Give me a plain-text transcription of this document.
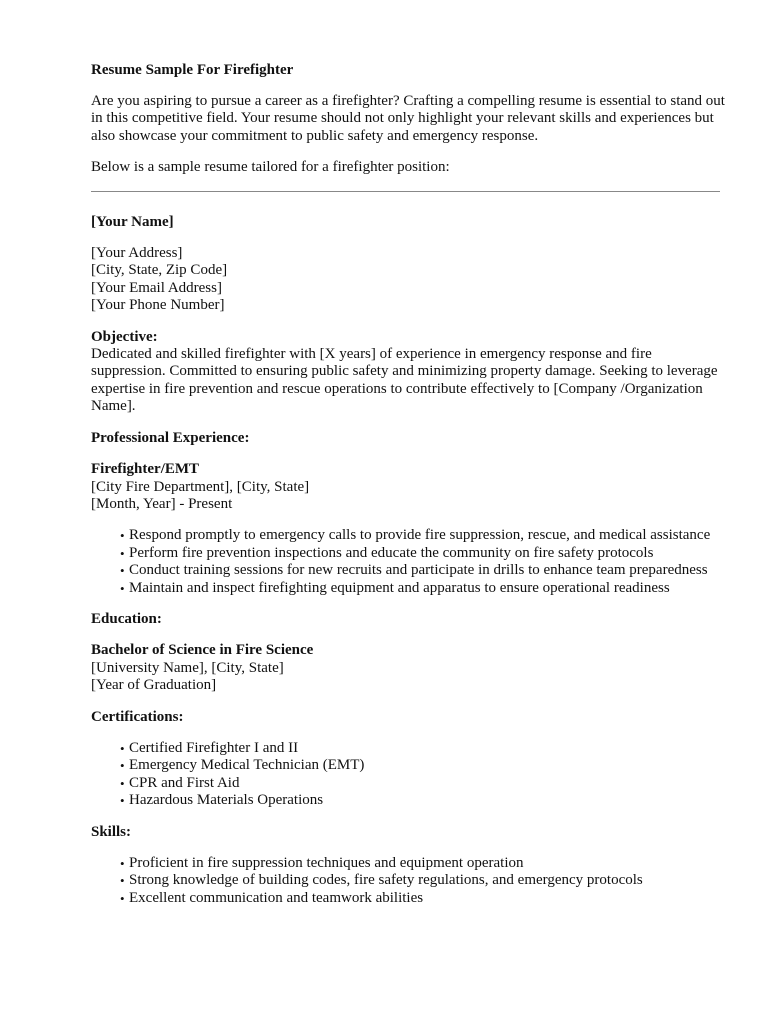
Resume Sample For Firefighter

Are you aspiring to pursue a career as a firefighter? Crafting a compelling resume is essential to stand out in this competitive field. Your resume should not only highlight your relevant skills and experiences but also showcase your commitment to public safety and emergency response.

Below is a sample resume tailored for a firefighter position:

[Your Name]
[Your Address]
[City, State, Zip Code]
[Your Email Address]
[Your Phone Number]
Objective:

Dedicated and skilled firefighter with [X years] of experience in emergency response and fire suppression. Committed to ensuring public safety and minimizing property damage. Seeking to leverage expertise in fire prevention and rescue operations to contribute effectively to [Company /Organization Name].

Professional Experience:
Firefighter/EMT
[City Fire Department], [City, State]
[Month, Year] - Present
• Respond promptly to emergency calls to provide fire suppression, rescue, and medical assistance
• Perform fire prevention inspections and educate the community on fire safety protocols
• Conduct training sessions for new recruits and participate in drills to enhance team preparedness
• Maintain and inspect firefighting equipment and apparatus to ensure operational readiness
Education:
Bachelor of Science in Fire Science
[University Name], [City, State]
[Year of Graduation]
Certifications:
• Certified Firefighter I and II
• Emergency Medical Technician (EMT)
• CPR and First Aid
• Hazardous Materials Operations
Skills:
• Proficient in fire suppression techniques and equipment operation
• Strong knowledge of building codes, fire safety regulations, and emergency protocols
• Excellent communication and teamwork abilities
